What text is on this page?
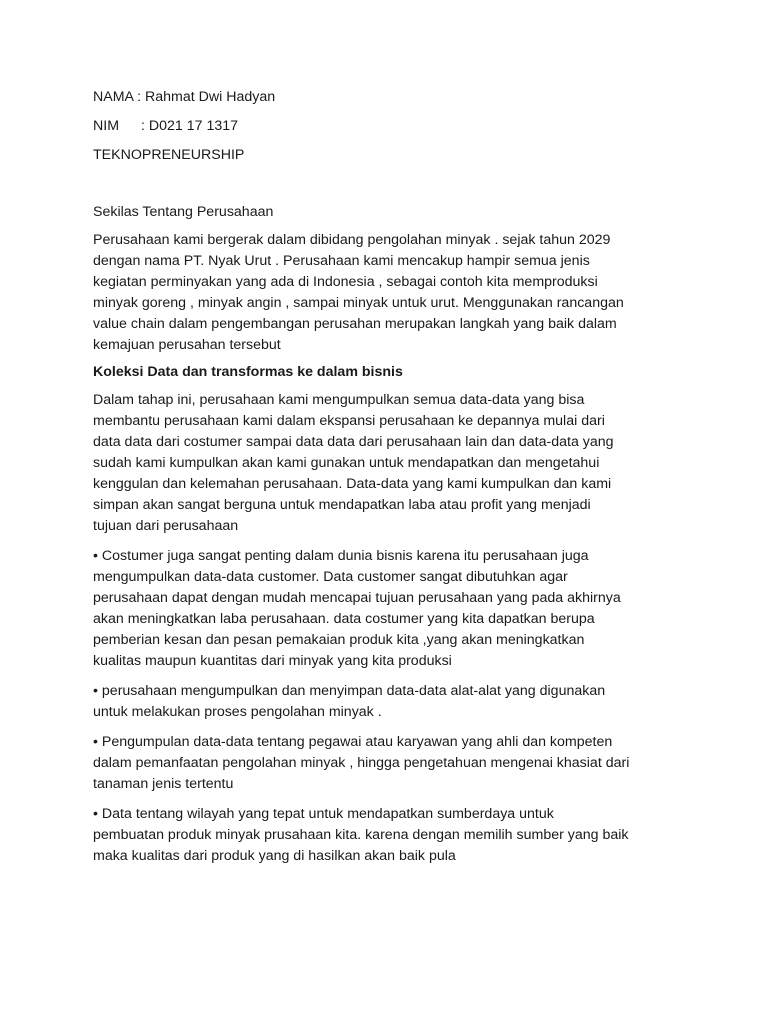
NAMA : Rahmat Dwi Hadyan

NIM : D021 17 1317

TEKNOPRENEURSHIP

Sekilas Tentang Perusahaan

Perusahaan kami bergerak dalam dibidang pengolahan minyak . sejak tahun 2029
dengan nama PT. Nyak Urut . Perusahaan kami mencakup hampir semua jenis
kegiatan perminyakan yang ada di Indonesia , sebagai contoh kita memproduksi
minyak goreng , minyak angin , sampai minyak untuk urut. Menggunakan rancangan
value chain dalam pengembangan perusahan merupakan langkah yang baik dalam
kemajuan perusahan tersebut

Koleksi Data dan transformas ke dalam bisnis

Dalam tahap ini, perusahaan kami mengumpulkan semua data-data yang bisa
membantu perusahaan kami dalam ekspansi perusahaan ke depannya mulai dari
data data dari costumer sampai data data dari perusahaan lain dan data-data yang
sudah kami kumpulkan akan kami gunakan untuk mendapatkan dan mengetahui
kenggulan dan kelemahan perusahaan. Data-data yang kami kumpulkan dan kami
simpan akan sangat berguna untuk mendapatkan laba atau profit yang menjadi
tujuan dari perusahaan

• Costumer juga sangat penting dalam dunia bisnis karena itu perusahaan juga
mengumpulkan data-data customer. Data customer sangat dibutuhkan agar
perusahaan dapat dengan mudah mencapai tujuan perusahaan yang pada akhirnya
akan meningkatkan laba perusahaan. data costumer yang kita dapatkan berupa
pemberian kesan dan pesan pemakaian produk kita ,yang akan meningkatkan
kualitas maupun kuantitas dari minyak yang kita produksi

• perusahaan mengumpulkan dan menyimpan data-data alat-alat yang digunakan
untuk melakukan proses pengolahan minyak .

• Pengumpulan data-data tentang pegawai atau karyawan yang ahli dan kompeten
dalam pemanfaatan pengolahan minyak , hingga pengetahuan mengenai khasiat dari
tanaman jenis tertentu

• Data tentang wilayah yang tepat untuk mendapatkan sumberdaya untuk
pembuatan produk minyak prusahaan kita. karena dengan memilih sumber yang baik
maka kualitas dari produk yang di hasilkan akan baik pula
